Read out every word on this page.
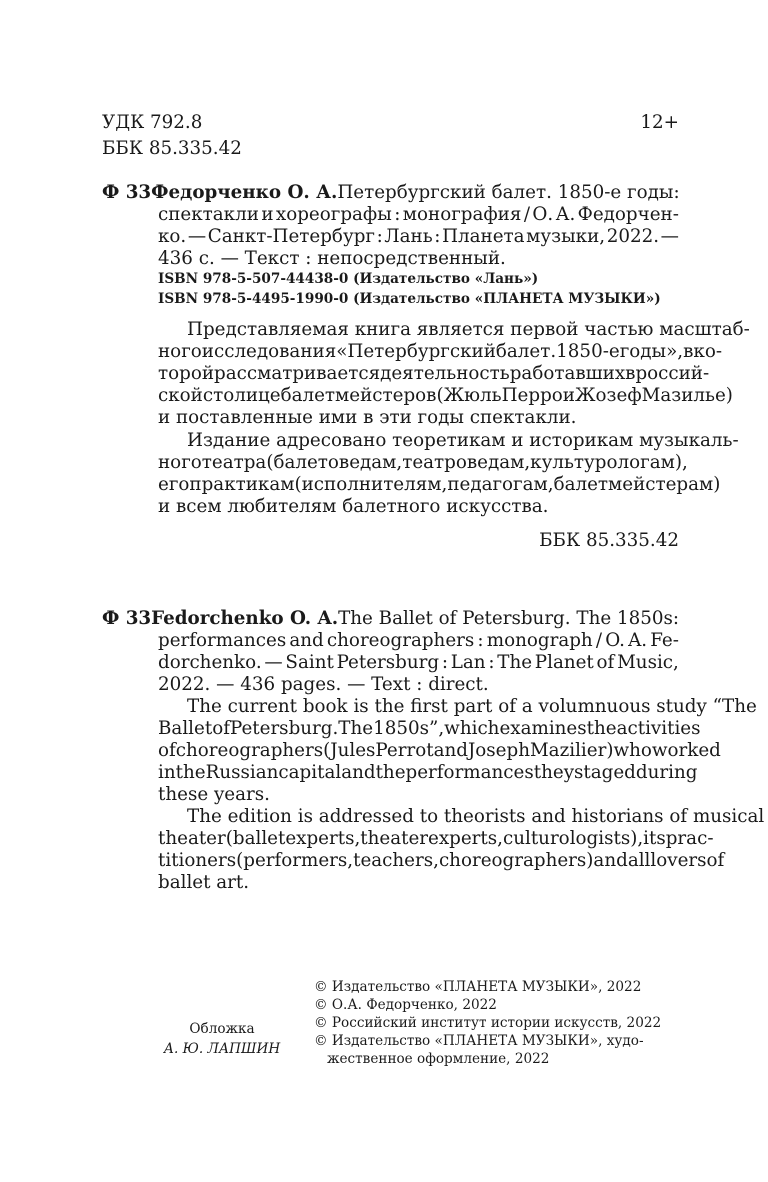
УДК 792.8	12+
ББК 85.335.42
Ф 33 Федорченко О. А. Петербургский балет. 1850-е годы:
спектакли и хореографы : монография / О. А. Федорчен-
ко. — Санкт-Петербург : Лань : Планета музыки, 2022. —
436 с. — Текст : непосредственный.
ISBN 978-5-507-44438-0 (Издательство «Лань»)
ISBN 978-5-4495-1990-0 (Издательство «ПЛАНЕТА МУЗЫКИ»)
Представляемая книга является первой частью масштаб-
ного исследования «Петербургский балет. 1850-е годы», в ко-
торой рассматривается деятельность работавших в россий-
ской столице балетмейстеров (Жюль Перро и Жозеф Мазилье)
и поставленные ими в эти годы спектакли.
Издание адресовано теоретикам и историкам музыкаль-
ного театра (балетоведам, театроведам, культурологам),
его практикам (исполнителям, педагогам, балетмейстерам)
и всем любителям балетного искусства.
ББК 85.335.42
Ф 33 Fedorchenko O. A. The Ballet of Petersburg. The 1850s:
performances and choreographers : monograph / O. A. Fe-
dorchenko. — Saint Petersburg : Lan : The Planet of Music,
2022. — 436 pages. — Text : direct.
The current book is the first part of a volumnuous study “The
Ballet of Petersburg. The 1850s”, which examines the activities
of choreographers (Jules Perrot and Joseph Mazilier) who worked
in the Russian capital and the performances they staged during
these years.
The edition is addressed to theorists and historians of musical
theater (ballet experts, theater experts, culturologists), its prac-
titioners (performers, teachers, choreographers) and all lovers of
ballet art.
Обложка
А. Ю. ЛАПШИН
© Издательство «ПЛАНЕТА МУЗЫКИ», 2022
© О.А. Федорченко, 2022
© Российский институт истории искусств, 2022
© Издательство «ПЛАНЕТА МУЗЫКИ», худо-
жественное оформление, 2022
